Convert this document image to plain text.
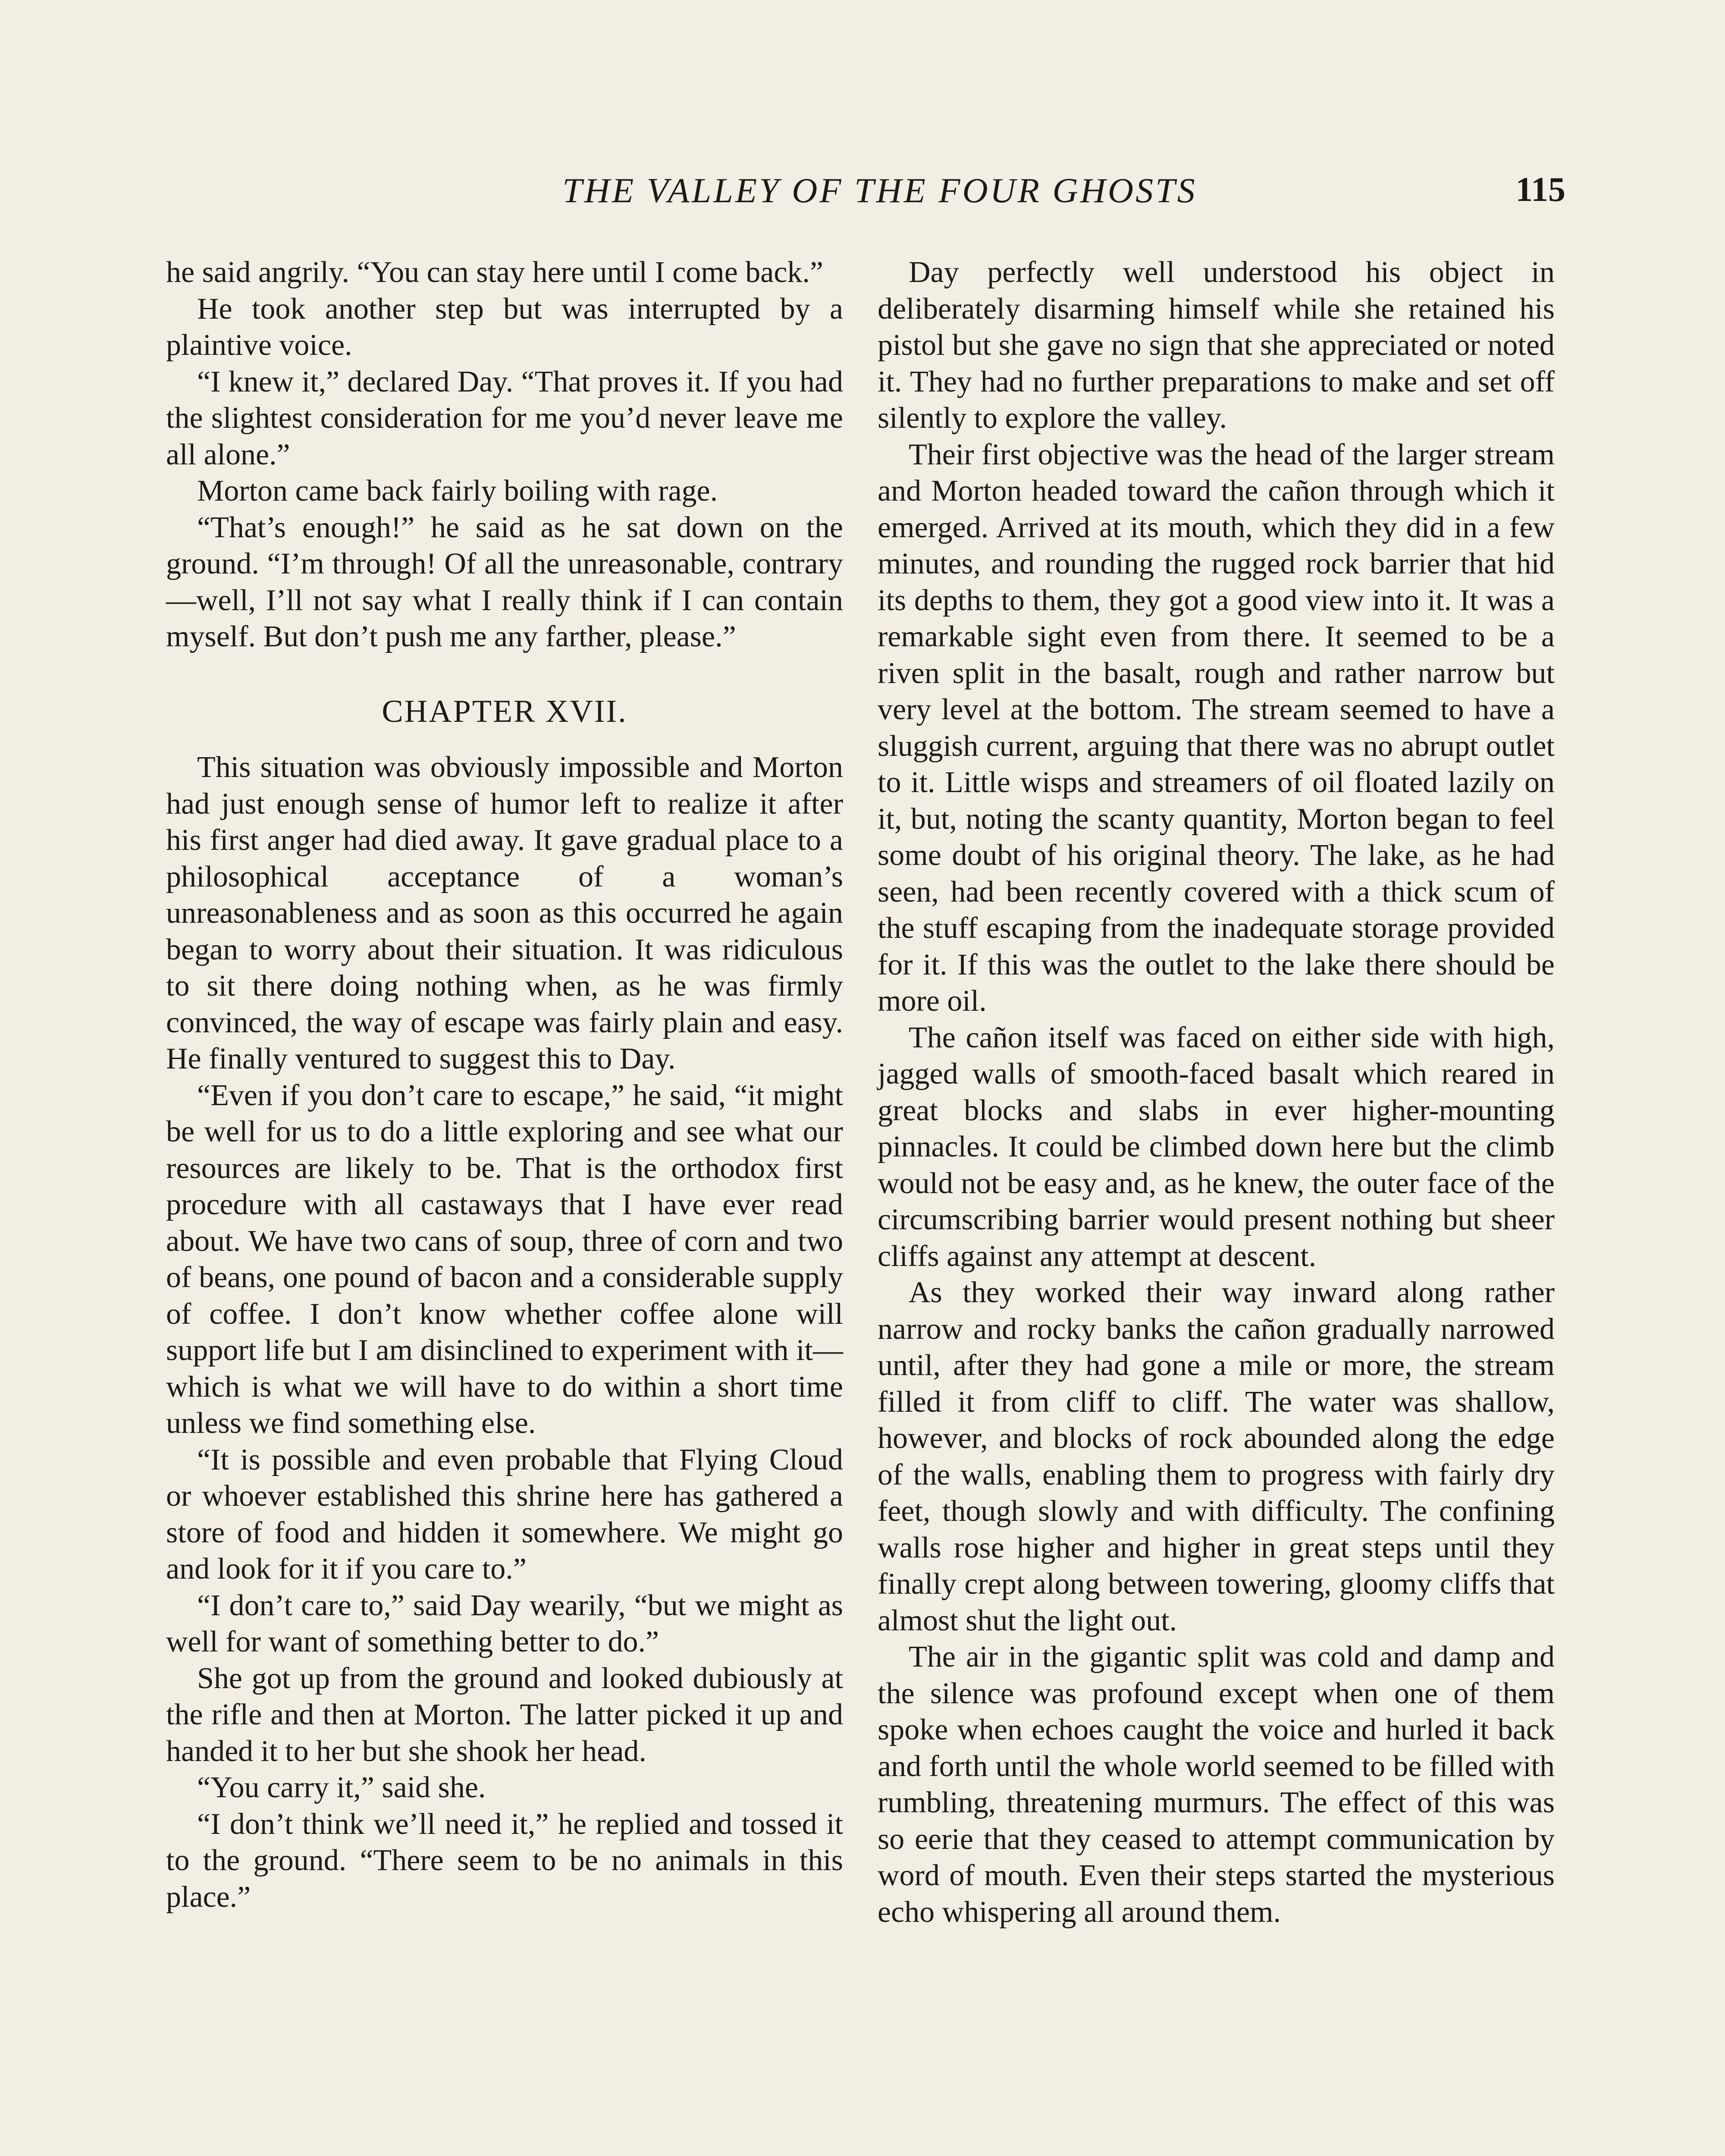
THE VALLEY OF THE FOUR GHOSTS	115

he said angrily. “You can stay here until I come back.”

He took another step but was interrupted by a plaintive voice.

“I knew it,” declared Day. “That proves it. If you had the slightest consideration for me you’d never leave me all alone.”

Morton came back fairly boiling with rage.

“That’s enough!” he said as he sat down on the ground. “I’m through! Of all the unreasonable, contrary—well, I’ll not say what I really think if I can contain myself. But don’t push me any farther, please.”

CHAPTER XVII.

This situation was obviously impossible and Morton had just enough sense of humor left to realize it after his first anger had died away. It gave gradual place to a philosophical acceptance of a woman’s unreasonableness and as soon as this occurred he again began to worry about their situation. It was ridiculous to sit there doing nothing when, as he was firmly convinced, the way of escape was fairly plain and easy. He finally ventured to suggest this to Day.

“Even if you don’t care to escape,” he said, “it might be well for us to do a little exploring and see what our resources are likely to be. That is the orthodox first procedure with all castaways that I have ever read about. We have two cans of soup, three of corn and two of beans, one pound of bacon and a considerable supply of coffee. I don’t know whether coffee alone will support life but I am disinclined to experiment with it—which is what we will have to do within a short time unless we find something else.

“It is possible and even probable that Flying Cloud or whoever established this shrine here has gathered a store of food and hidden it somewhere. We might go and look for it if you care to.”

“I don’t care to,” said Day wearily, “but we might as well for want of something better to do.”

She got up from the ground and looked dubiously at the rifle and then at Morton. The latter picked it up and handed it to her but she shook her head.

“You carry it,” said she.

“I don’t think we’ll need it,” he replied and tossed it to the ground. “There seem to be no animals in this place.”

Day perfectly well understood his object in deliberately disarming himself while she retained his pistol but she gave no sign that she appreciated or noted it. They had no further preparations to make and set off silently to explore the valley.

Their first objective was the head of the larger stream and Morton headed toward the cañon through which it emerged. Arrived at its mouth, which they did in a few minutes, and rounding the rugged rock barrier that hid its depths to them, they got a good view into it. It was a remarkable sight even from there. It seemed to be a riven split in the basalt, rough and rather narrow but very level at the bottom. The stream seemed to have a sluggish current, arguing that there was no abrupt outlet to it. Little wisps and streamers of oil floated lazily on it, but, noting the scanty quantity, Morton began to feel some doubt of his original theory. The lake, as he had seen, had been recently covered with a thick scum of the stuff escaping from the inadequate storage provided for it. If this was the outlet to the lake there should be more oil.

The cañon itself was faced on either side with high, jagged walls of smooth-faced basalt which reared in great blocks and slabs in ever higher-mounting pinnacles. It could be climbed down here but the climb would not be easy and, as he knew, the outer face of the circumscribing barrier would present nothing but sheer cliffs against any attempt at descent.

As they worked their way inward along rather narrow and rocky banks the cañon gradually narrowed until, after they had gone a mile or more, the stream filled it from cliff to cliff. The water was shallow, however, and blocks of rock abounded along the edge of the walls, enabling them to progress with fairly dry feet, though slowly and with difficulty. The confining walls rose higher and higher in great steps until they finally crept along between towering, gloomy cliffs that almost shut the light out.

The air in the gigantic split was cold and damp and the silence was profound except when one of them spoke when echoes caught the voice and hurled it back and forth until the whole world seemed to be filled with rumbling, threatening murmurs. The effect of this was so eerie that they ceased to attempt communication by word of mouth. Even their steps started the mysterious echo whispering all around them.
